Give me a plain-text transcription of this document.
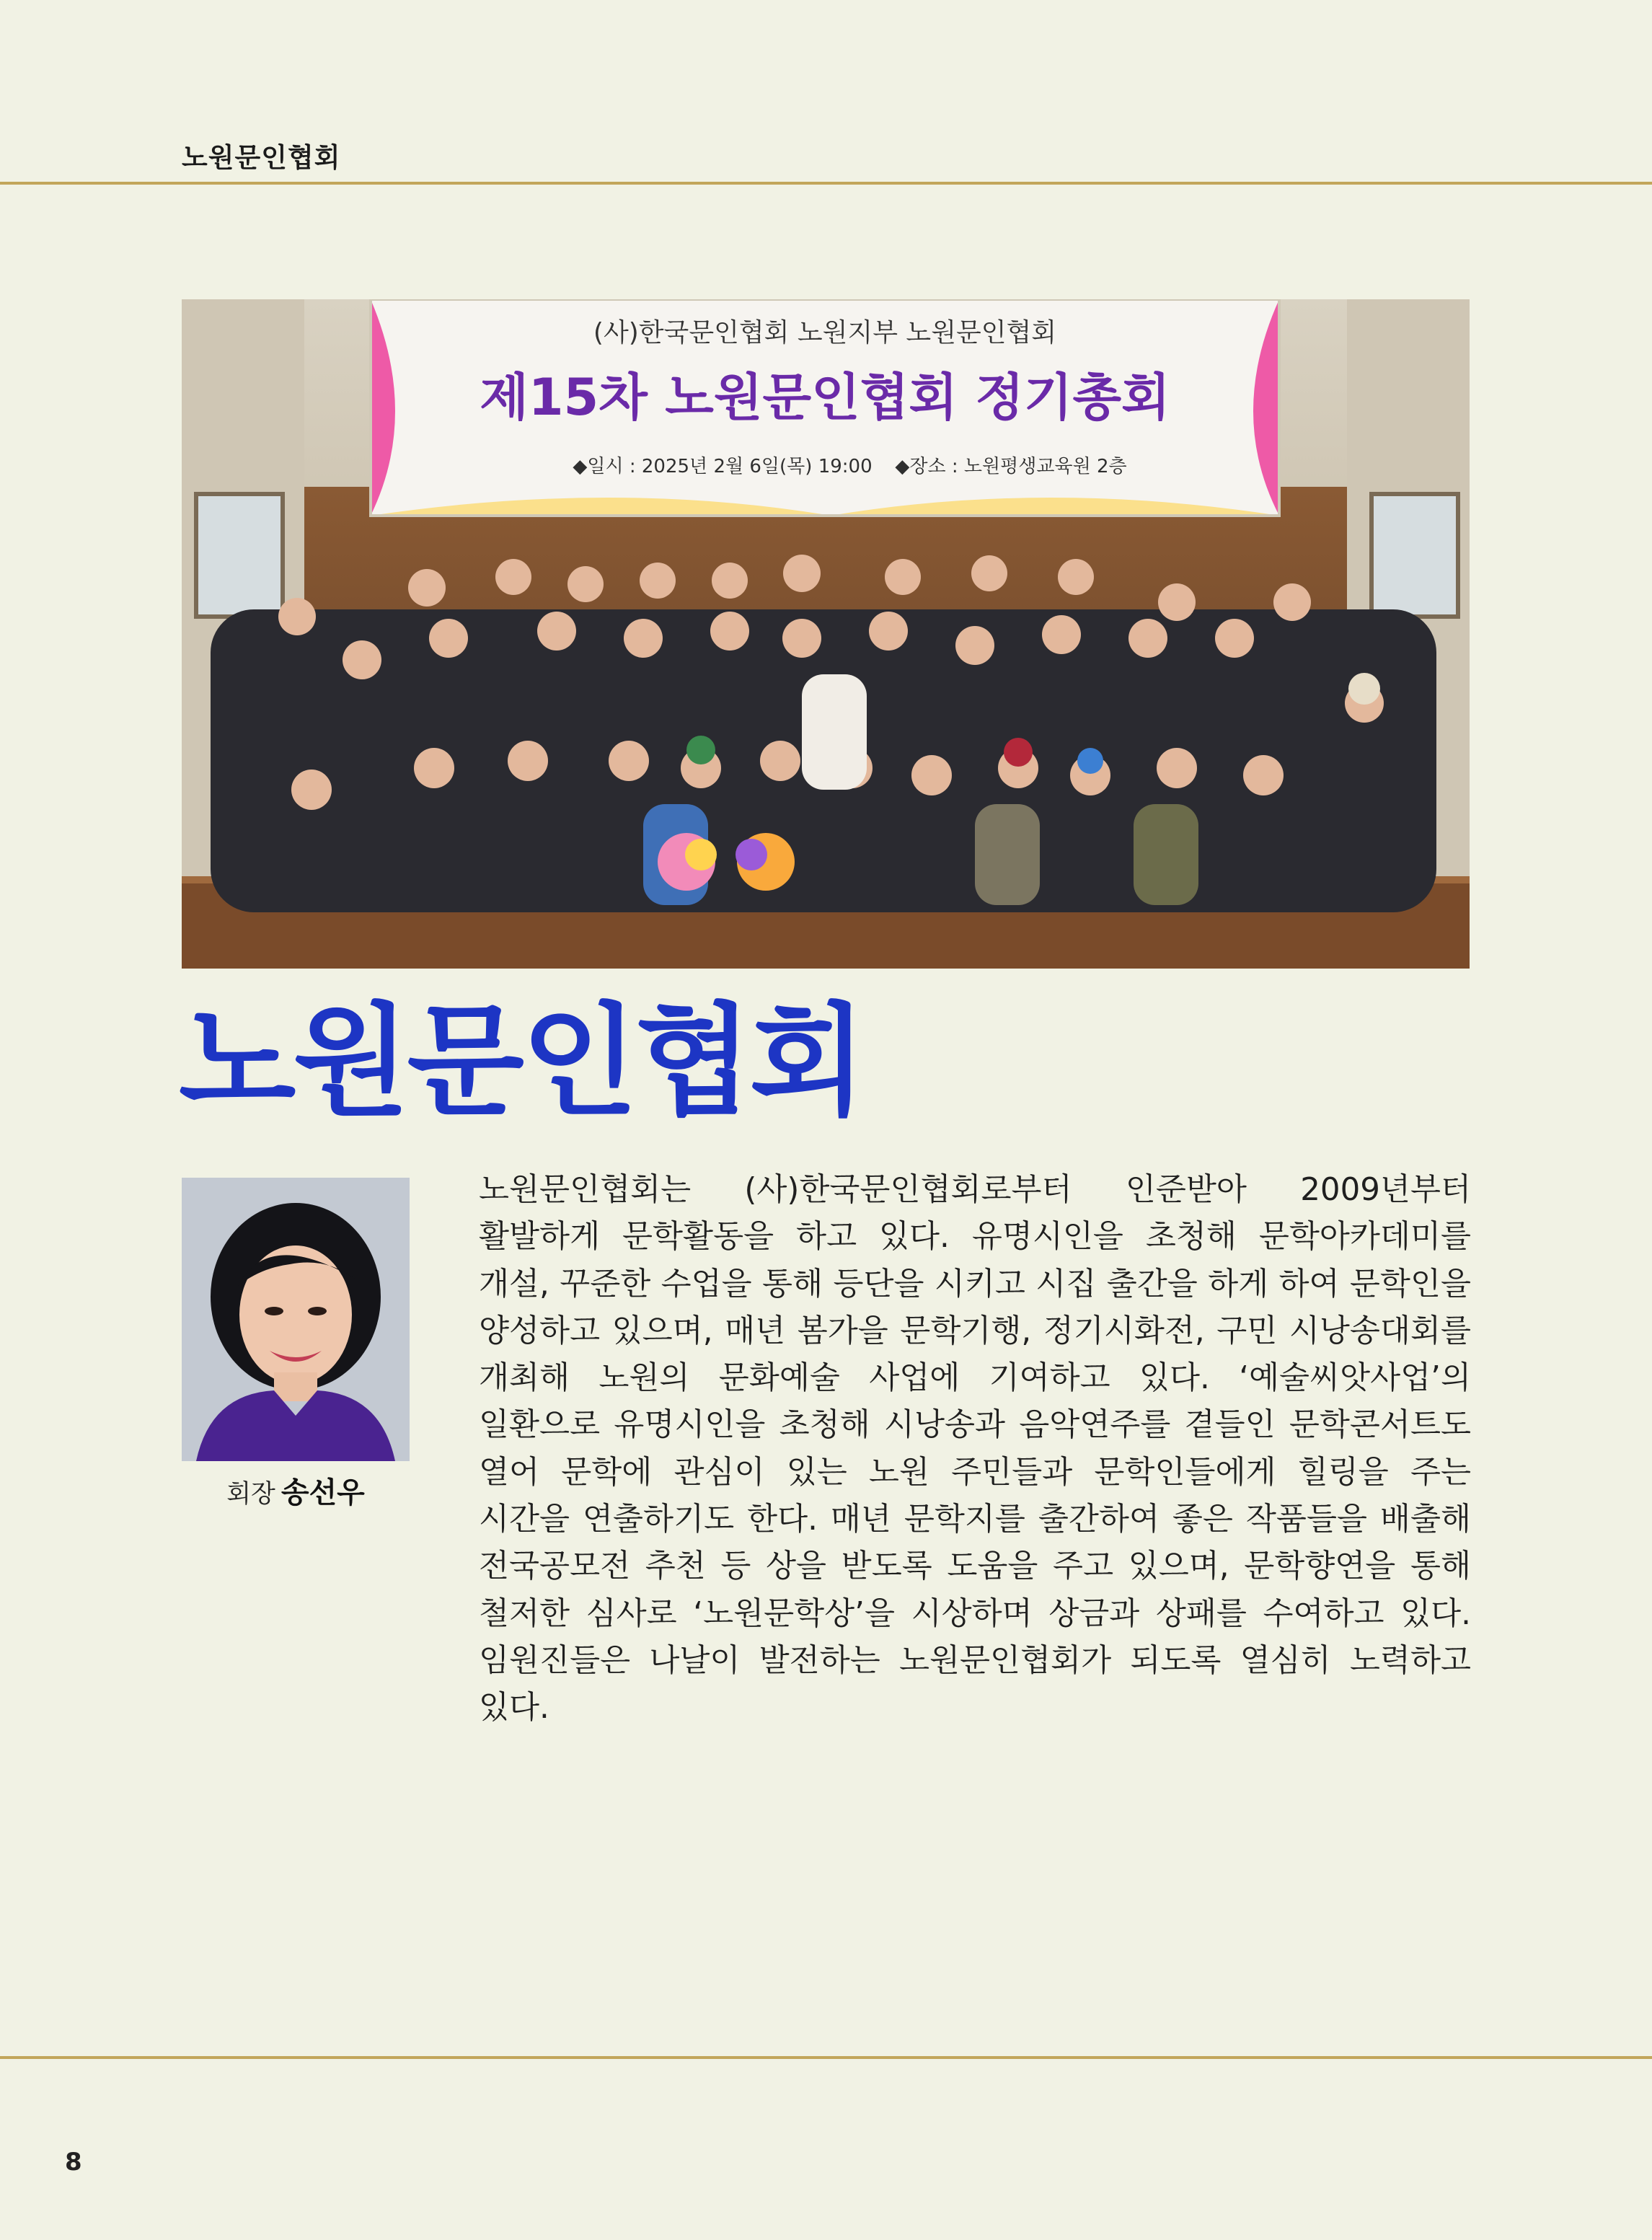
노원문인협회
(사)한국문인협회 노원지부 노원문인협회
제15차 노원문인협회 정기총회
◆일시 : 2025년 2월 6일(목) 19:00 ◆장소 : 노원평생교육원 2층
노원문인협회
회장 송선우
노원문인협회는 (사)한국문인협회로부터 인준받아 2009년부터 활발하게 문학활동을 하고 있다. 유명시인을 초청해 문학아카데미를 개설, 꾸준한 수업을 통해 등단을 시키고 시집 출간을 하게 하여 문학인을 양성하고 있으며, 매년 봄가을 문학기행, 정기시화전, 구민 시낭송대회를 개최해 노원의 문화예술 사업에 기여하고 있다. ‘예술씨앗사업’의 일환으로 유명시인을 초청해 시낭송과 음악연주를 곁들인 문학콘서트도 열어 문학에 관심이 있는 노원 주민들과 문학인들에게 힐링을 주는 시간을 연출하기도 한다. 매년 문학지를 출간하여 좋은 작품들을 배출해 전국공모전 추천 등 상을 받도록 도움을 주고 있으며, 문학향연을 통해 철저한 심사로 ‘노원문학상’을 시상하며 상금과 상패를 수여하고 있다. 임원진들은 나날이 발전하는 노원문인협회가 되도록 열심히 노력하고 있다.
8
